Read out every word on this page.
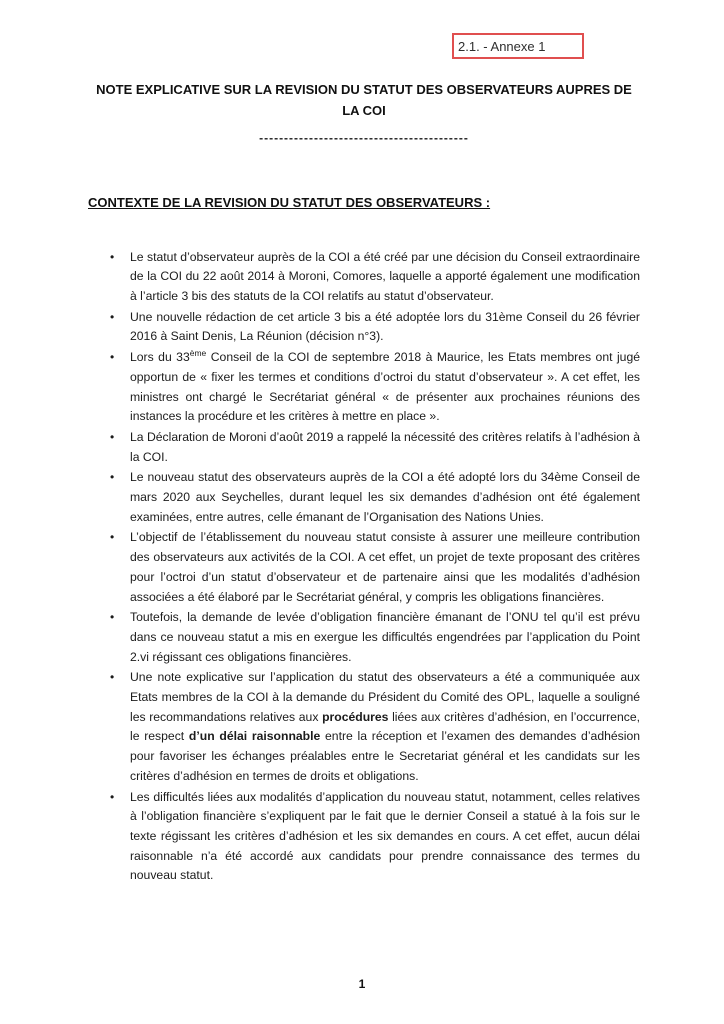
2.1. - Annexe 1
NOTE EXPLICATIVE SUR LA REVISION DU STATUT DES OBSERVATEURS AUPRES DE
LA COI
------------------------------------------
CONTEXTE DE LA REVISION DU STATUT DES OBSERVATEURS :
•	Le statut d’observateur auprès de la COI a été créé par une décision du Conseil extraordinaire de la COI du 22 août 2014 à Moroni, Comores, laquelle a apporté également une modification à l’article 3 bis des statuts de la COI relatifs au statut d’observateur.
•	Une nouvelle rédaction de cet article 3 bis a été adoptée lors du 31ème Conseil du 26 février 2016 à Saint Denis, La Réunion (décision n°3).
•	Lors du 33ème Conseil de la COI de septembre 2018 à Maurice, les Etats membres ont jugé opportun de « fixer les termes et conditions d’octroi du statut d’observateur ». A cet effet, les ministres ont chargé le Secrétariat général « de présenter aux prochaines réunions des instances la procédure et les critères à mettre en place ».
•	La Déclaration de Moroni d’août 2019 a rappelé la nécessité des critères relatifs à l’adhésion à la COI.
•	Le nouveau statut des observateurs auprès de la COI a été adopté lors du 34ème Conseil de mars 2020 aux Seychelles, durant lequel les six demandes d’adhésion ont été également examinées, entre autres, celle émanant de l’Organisation des Nations Unies.
•	L’objectif de l’établissement du nouveau statut consiste à assurer une meilleure contribution des observateurs aux activités de la COI. A cet effet, un projet de texte proposant des critères pour l’octroi d’un statut d’observateur et de partenaire ainsi que les modalités d’adhésion associées a été élaboré par le Secrétariat général, y compris les obligations financières.
•	Toutefois, la demande de levée d’obligation financière émanant de l’ONU tel qu’il est prévu dans ce nouveau statut a mis en exergue les difficultés engendrées par l’application du Point 2.vi régissant ces obligations financières.
•	Une note explicative sur l’application du statut des observateurs a été a communiquée aux Etats membres de la COI à la demande du Président du Comité des OPL, laquelle a souligné les recommandations relatives aux procédures liées aux critères d’adhésion, en l’occurrence, le respect d’un délai raisonnable entre la réception et l’examen des demandes d’adhésion pour favoriser les échanges préalables entre le Secretariat général et les candidats sur les critères d’adhésion en termes de droits et obligations.
•	Les difficultés liées aux modalités d’application du nouveau statut, notamment, celles relatives à l’obligation financière s’expliquent par le fait que le dernier Conseil a statué à la fois sur le texte régissant les critères d’adhésion et les six demandes en cours. A cet effet, aucun délai raisonnable n’a été accordé aux candidats pour prendre connaissance des termes du nouveau statut.
1
